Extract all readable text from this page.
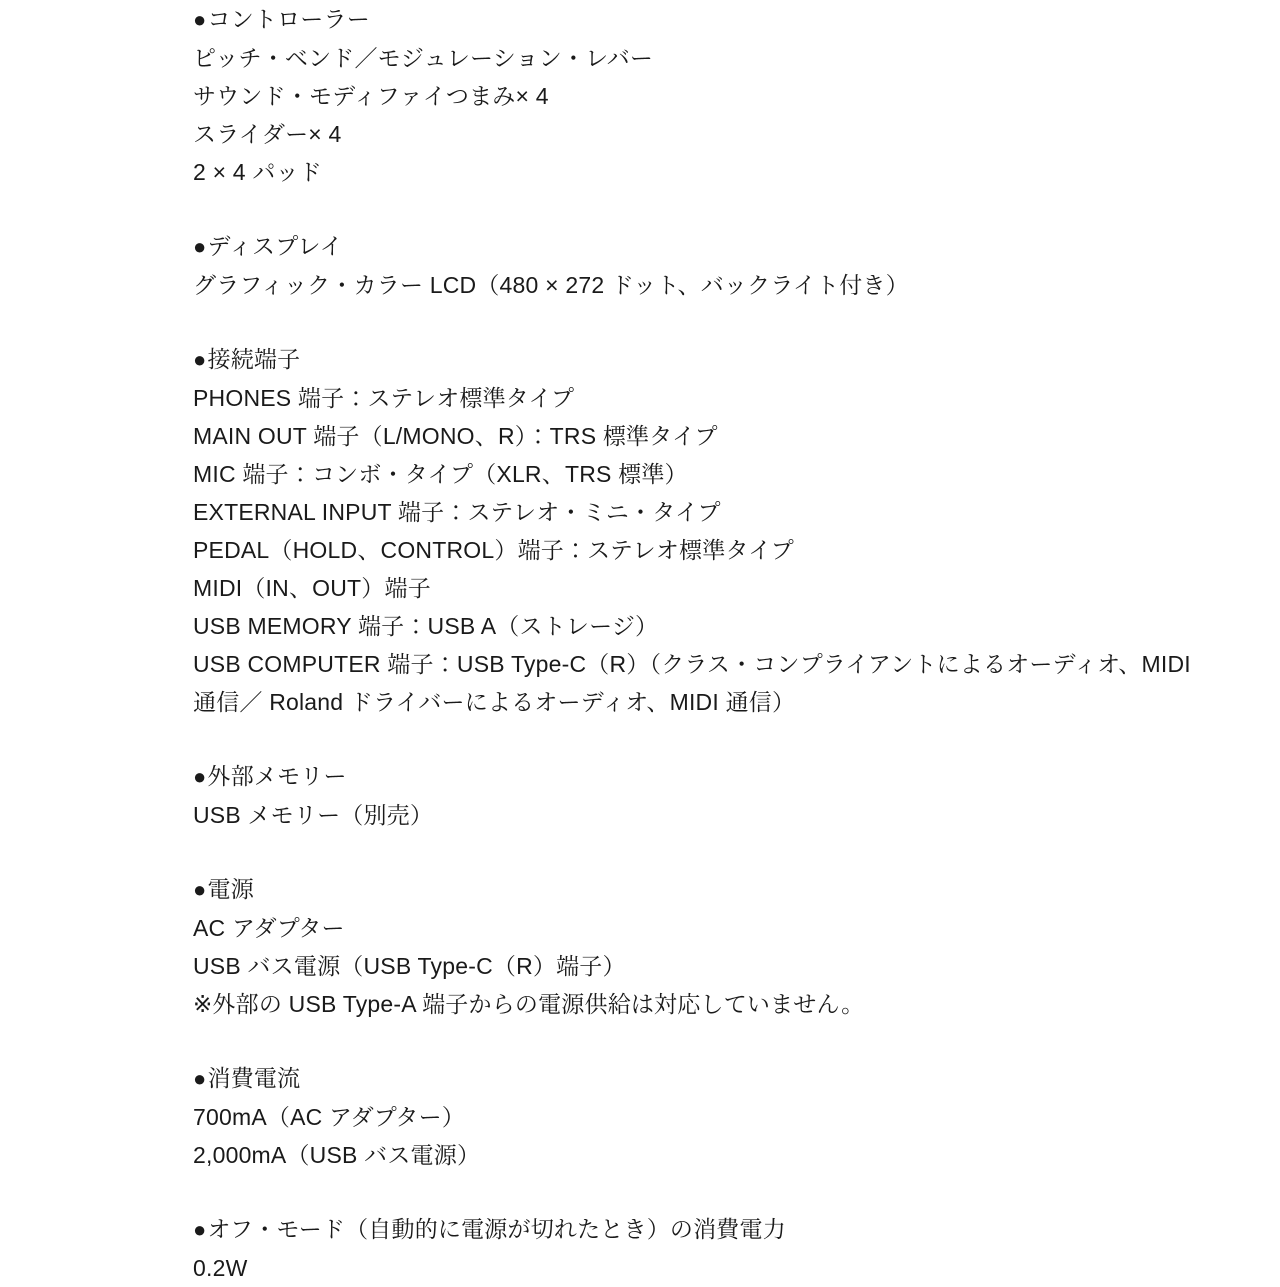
●コントローラー

ピッチ・ベンド／モジュレーション・レバー

サウンド・モディファイつまみ× 4

スライダー× 4

2 × 4 パッド

●ディスプレイ

グラフィック・カラー LCD（480 × 272 ドット、バックライト付き）

●接続端子

PHONES 端子：ステレオ標準タイプ

MAIN OUT 端子（L/MONO、R）：TRS 標準タイプ

MIC 端子：コンボ・タイプ（XLR、TRS 標準）

EXTERNAL INPUT 端子：ステレオ・ミニ・タイプ

PEDAL（HOLD、CONTROL）端子：ステレオ標準タイプ

MIDI（IN、OUT）端子

USB MEMORY 端子：USB A（ストレージ）

USB COMPUTER 端子：USB Type-C（R）（クラス・コンプライアントによるオーディオ、MIDI

通信／ Roland ドライバーによるオーディオ、MIDI 通信）

●外部メモリー

USB メモリー（別売）

●電源

AC アダプター

USB バス電源（USB Type-C（R）端子）

※外部の USB Type-A 端子からの電源供給は対応していません。

●消費電流

700mA（AC アダプター）

2,000mA（USB バス電源）

●オフ・モード（自動的に電源が切れたとき）の消費電力

0.2W
